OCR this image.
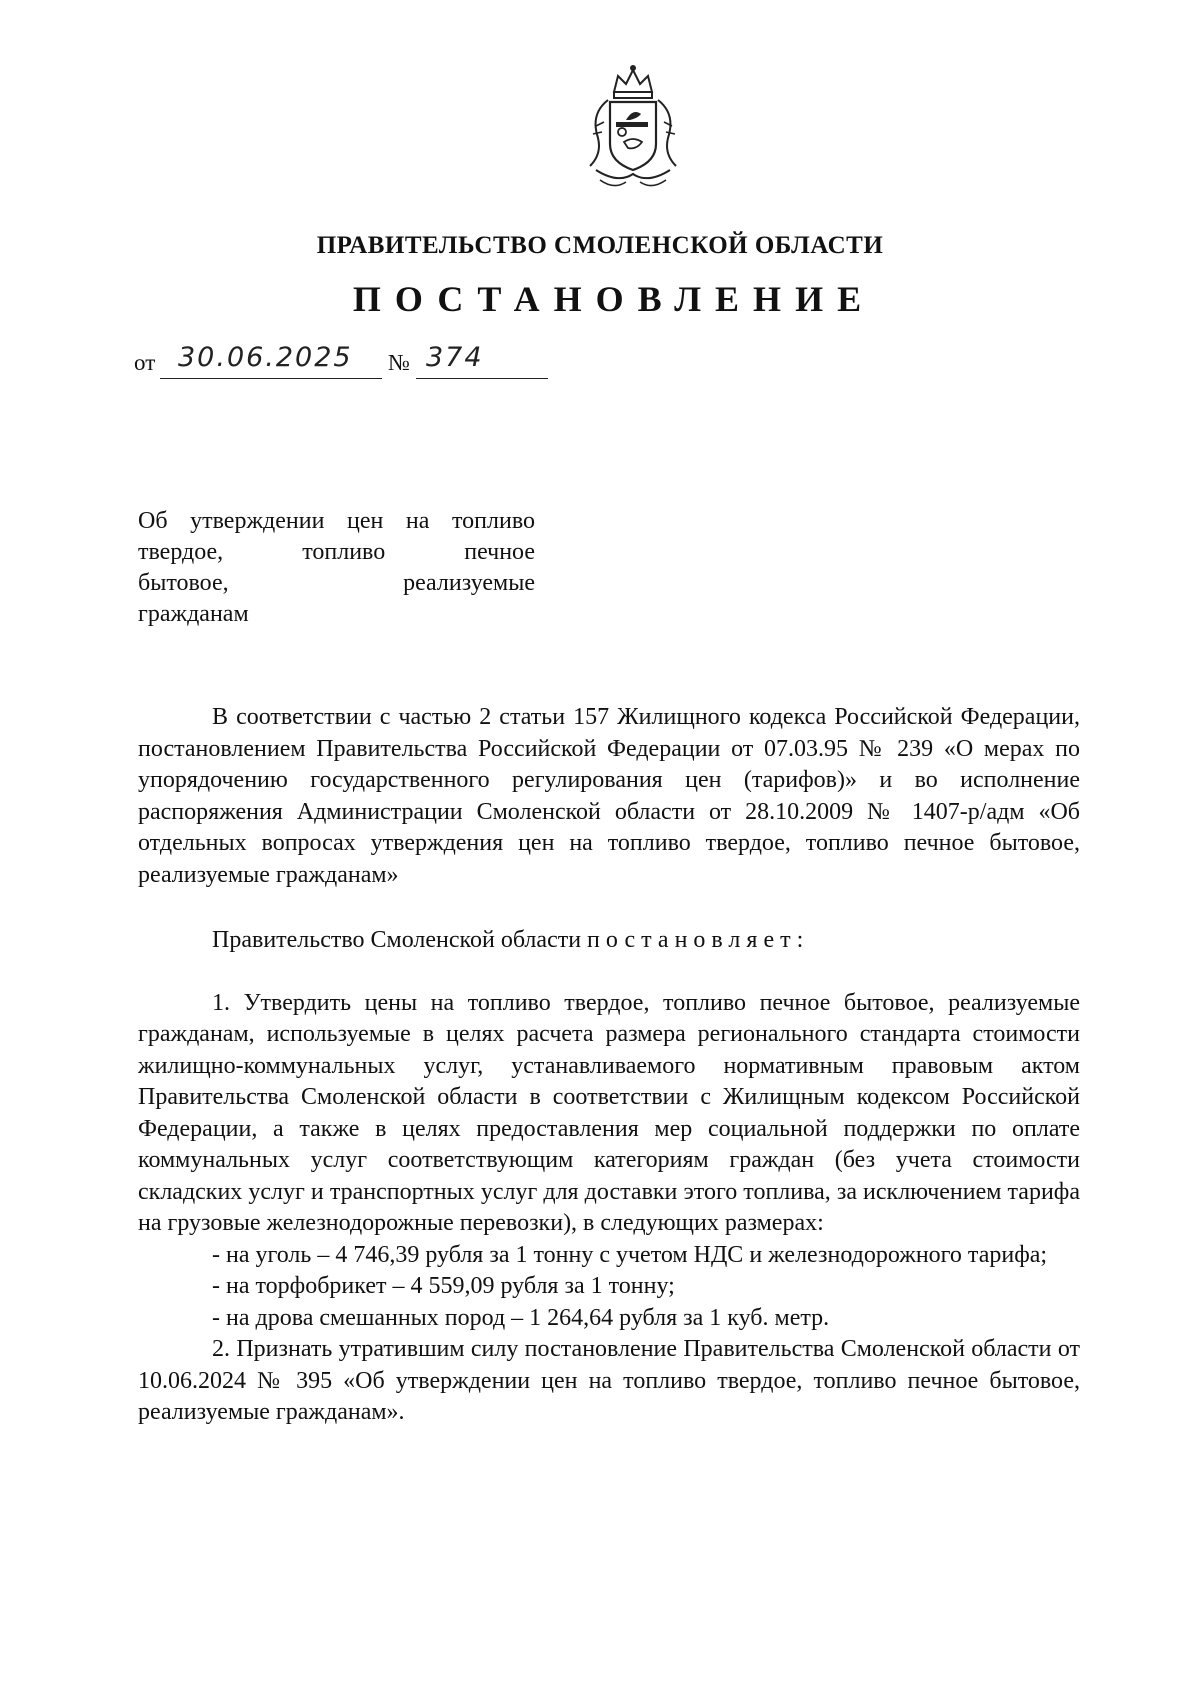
ПРАВИТЕЛЬСТВО СМОЛЕНСКОЙ ОБЛАСТИ
ПОСТАНОВЛЕНИЕ
от 30.06.2025 № 374
Об утверждении цен на топливо
твердое, топливо печное
бытовое, реализуемые
гражданам

В соответствии с частью 2 статьи 157 Жилищного кодекса Российской Федерации, постановлением Правительства Российской Федерации от 07.03.95 № 239 «О мерах по упорядочению государственного регулирования цен (тарифов)» и во исполнение распоряжения Администрации Смоленской области от 28.10.2009 № 1407-р/адм «Об отдельных вопросах утверждения цен на топливо твердое, топливо печное бытовое, реализуемые гражданам»

Правительство Смоленской области постановляет:

1. Утвердить цены на топливо твердое, топливо печное бытовое, реализуемые гражданам, используемые в целях расчета размера регионального стандарта стоимости жилищно-коммунальных услуг, устанавливаемого нормативным правовым актом Правительства Смоленской области в соответствии с Жилищным кодексом Российской Федерации, а также в целях предоставления мер социальной поддержки по оплате коммунальных услуг соответствующим категориям граждан (без учета стоимости складских услуг и транспортных услуг для доставки этого топлива, за исключением тарифа на грузовые железнодорожные перевозки), в следующих размерах:

- на уголь – 4 746,39 рубля за 1 тонну с учетом НДС и железнодорожного тарифа;

- на торфобрикет – 4 559,09 рубля за 1 тонну;

- на дрова смешанных пород – 1 264,64 рубля за 1 куб. метр.

2. Признать утратившим силу постановление Правительства Смоленской области от 10.06.2024 № 395 «Об утверждении цен на топливо твердое, топливо печное бытовое, реализуемые гражданам».
